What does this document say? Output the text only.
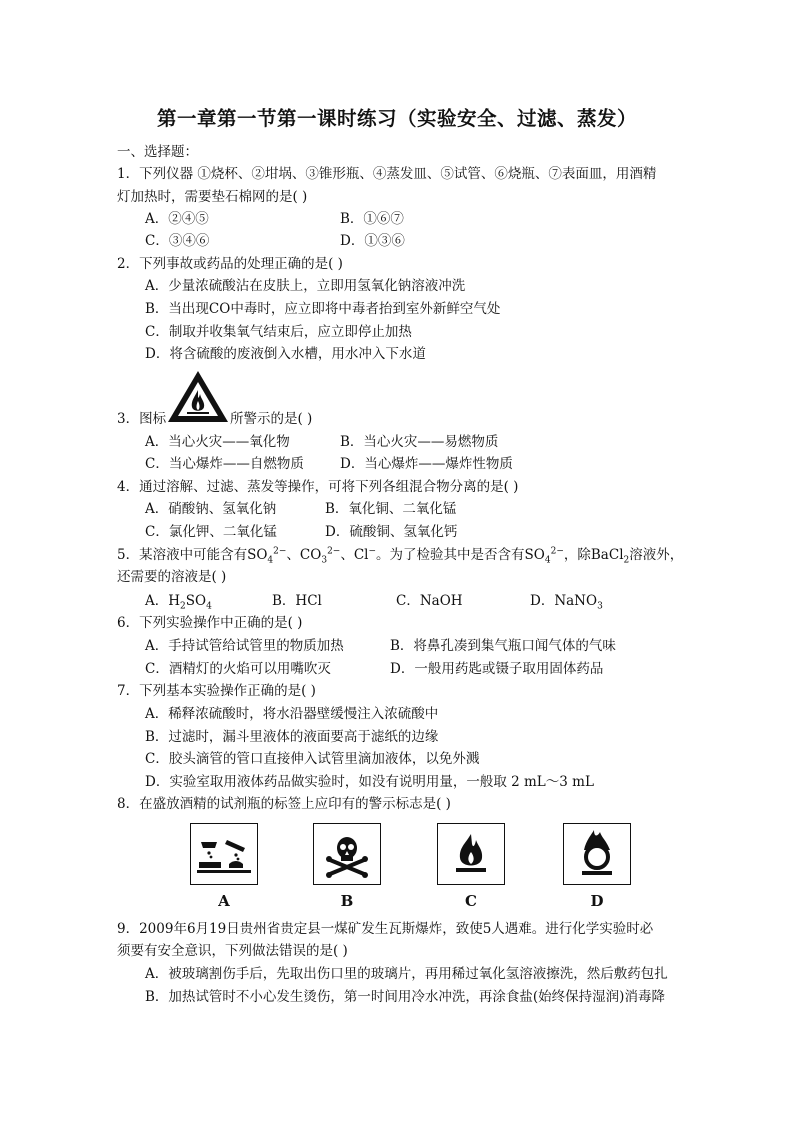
第一章第一节第一课时练习（实验安全、过滤、蒸发）
一、选择题：
1．下列仪器 ①烧杯、②坩埚、③锥形瓶、④蒸发皿、⑤试管、⑥烧瓶、⑦表面皿，用酒精
灯加热时，需要垫石棉网的是( )
A．②④⑤	B．①⑥⑦
C．③④⑥	D．①③⑥
2．下列事故或药品的处理正确的是( )
A．少量浓硫酸沾在皮肤上，立即用氢氧化钠溶液冲洗
B．当出现CO中毒时，应立即将中毒者抬到室外新鲜空气处
C．制取并收集氧气结束后，应立即停止加热
D．将含硫酸的废液倒入水槽，用水冲入下水道
3．图标	所警示的是( )
A．当心火灾——氧化物	B．当心火灾——易燃物质
C．当心爆炸——自燃物质	D．当心爆炸——爆炸性物质
4．通过溶解、过滤、蒸发等操作，可将下列各组混合物分离的是( )
A．硝酸钠、氢氧化钠	B．氧化铜、二氧化锰
C．氯化钾、二氧化锰	D．硫酸铜、氢氧化钙
5．某溶液中可能含有$SO_4^{2-}$、$CO_3^{2-}$、Cl−。为了检验其中是否含有$SO_4^{2-}$，除BaCl$_2$溶液外，
还需要的溶液是( )
A．$H_2SO_4$	B．HCl	C．NaOH	D．NaNO$_3$
6．下列实验操作中正确的是( )
A．手持试管给试管里的物质加热	B．将鼻孔凑到集气瓶口闻气体的气味
C．酒精灯的火焰可以用嘴吹灭	D．一般用药匙或镊子取用固体药品
7．下列基本实验操作正确的是( )
A．稀释浓硫酸时，将水沿器壁缓慢注入浓硫酸中
B．过滤时，漏斗里液体的液面要高于滤纸的边缘
C．胶头滴管的管口直接伸入试管里滴加液体，以免外溅
D．实验室取用液体药品做实验时，如没有说明用量，一般取 2 mL～3 mL
8．在盛放酒精的试剂瓶的标签上应印有的警示标志是( )
A	B	C	D
9．2009年6月19日贵州省贵定县一煤矿发生瓦斯爆炸，致使5人遇难。进行化学实验时必
须要有安全意识，下列做法错误的是( )
A．被玻璃割伤手后，先取出伤口里的玻璃片，再用稀过氧化氢溶液擦洗，然后敷药包扎
B．加热试管时不小心发生烫伤，第一时间用冷水冲洗，再涂食盐(始终保持湿润)消毒降
